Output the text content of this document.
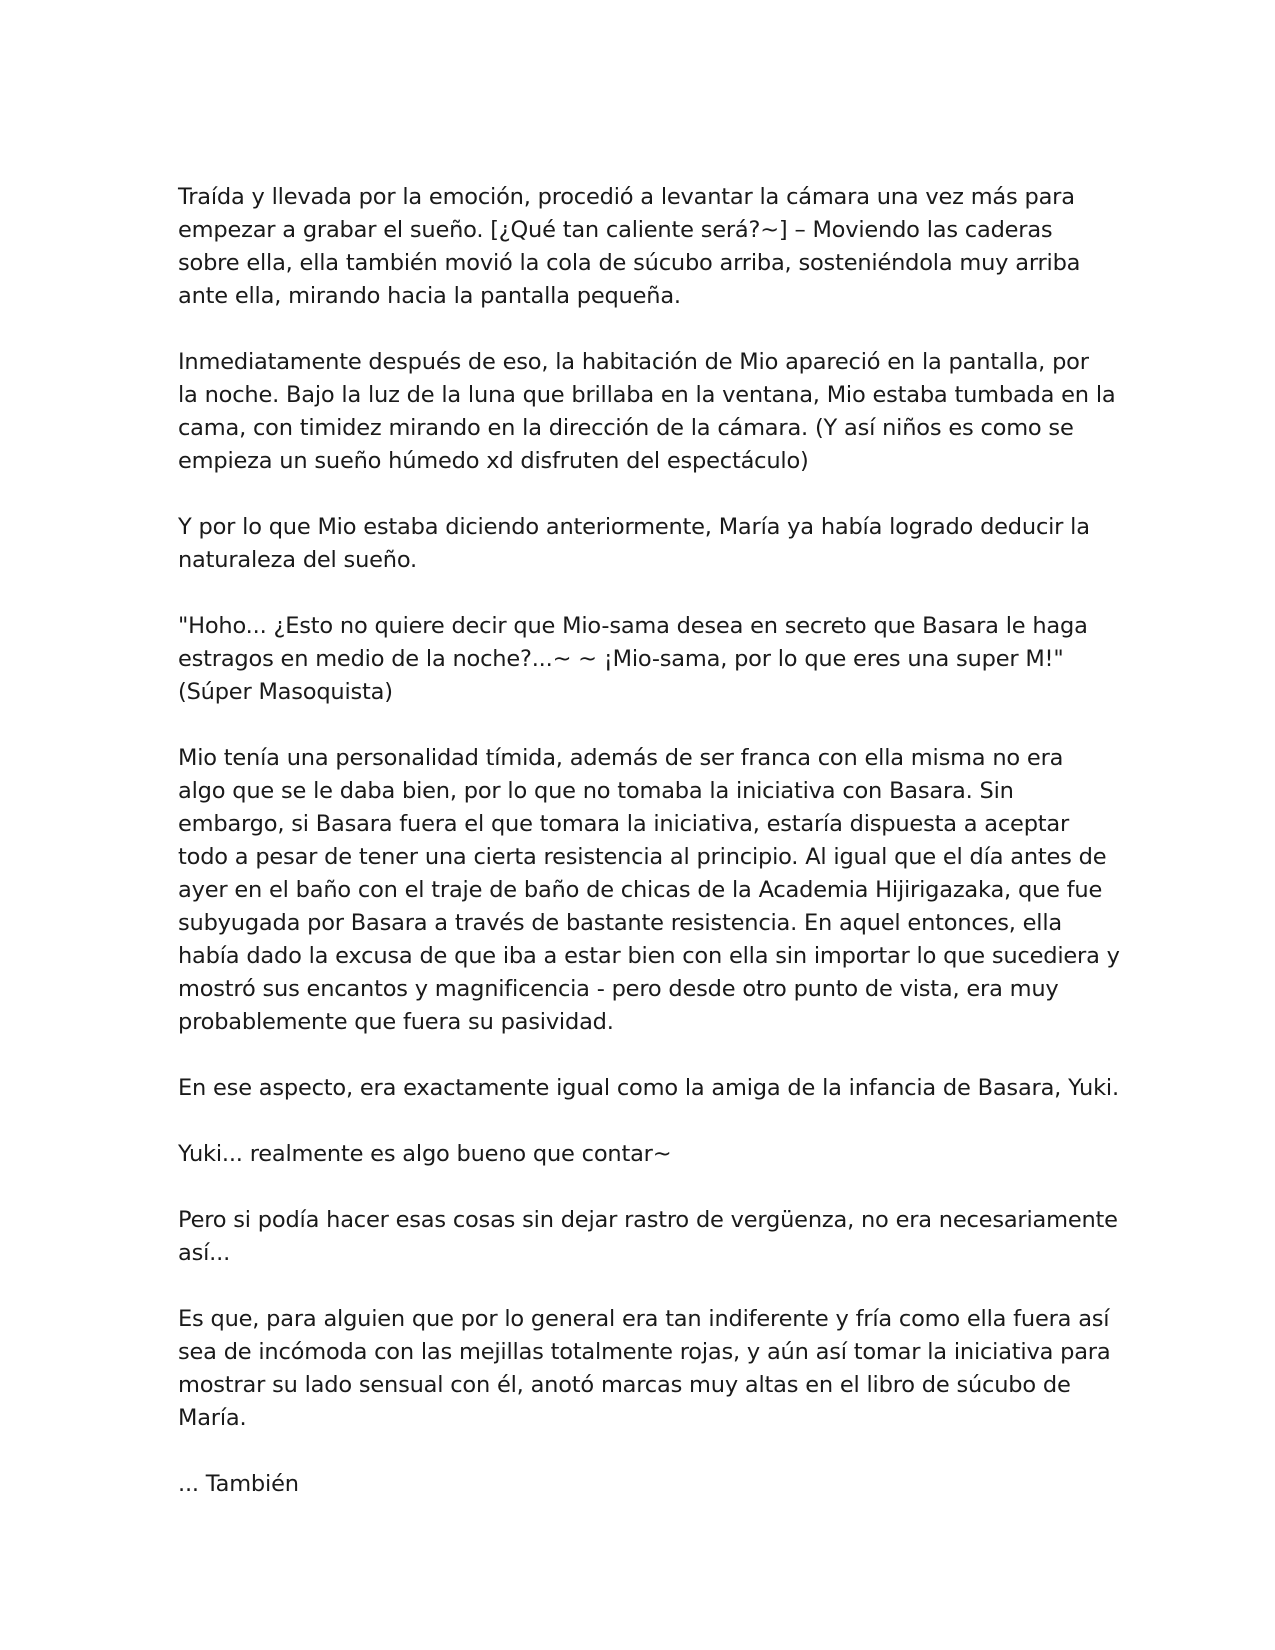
Traída y llevada por la emoción, procedió a levantar la cámara una vez más para
empezar a grabar el sueño. [¿Qué tan caliente será?~] – Moviendo las caderas
sobre ella, ella también movió la cola de súcubo arriba, sosteniéndola muy arriba
ante ella, mirando hacia la pantalla pequeña.

Inmediatamente después de eso, la habitación de Mio apareció en la pantalla, por
la noche. Bajo la luz de la luna que brillaba en la ventana, Mio estaba tumbada en la
cama, con timidez mirando en la dirección de la cámara. (Y así niños es como se
empieza un sueño húmedo xd disfruten del espectáculo)

Y por lo que Mio estaba diciendo anteriormente, María ya había logrado deducir la
naturaleza del sueño.

"Hoho... ¿Esto no quiere decir que Mio-sama desea en secreto que Basara le haga
estragos en medio de la noche?...~ ~ ¡Mio-sama, por lo que eres una super M!"
(Súper Masoquista)

Mio tenía una personalidad tímida, además de ser franca con ella misma no era
algo que se le daba bien, por lo que no tomaba la iniciativa con Basara. Sin
embargo, si Basara fuera el que tomara la iniciativa, estaría dispuesta a aceptar
todo a pesar de tener una cierta resistencia al principio. Al igual que el día antes de
ayer en el baño con el traje de baño de chicas de la Academia Hijirigazaka, que fue
subyugada por Basara a través de bastante resistencia. En aquel entonces, ella
había dado la excusa de que iba a estar bien con ella sin importar lo que sucediera y
mostró sus encantos y magnificencia - pero desde otro punto de vista, era muy
probablemente que fuera su pasividad.

En ese aspecto, era exactamente igual como la amiga de la infancia de Basara, Yuki.

Yuki... realmente es algo bueno que contar~

Pero si podía hacer esas cosas sin dejar rastro de vergüenza, no era necesariamente
así...

Es que, para alguien que por lo general era tan indiferente y fría como ella fuera así
sea de incómoda con las mejillas totalmente rojas, y aún así tomar la iniciativa para
mostrar su lado sensual con él, anotó marcas muy altas en el libro de súcubo de
María.

... También
